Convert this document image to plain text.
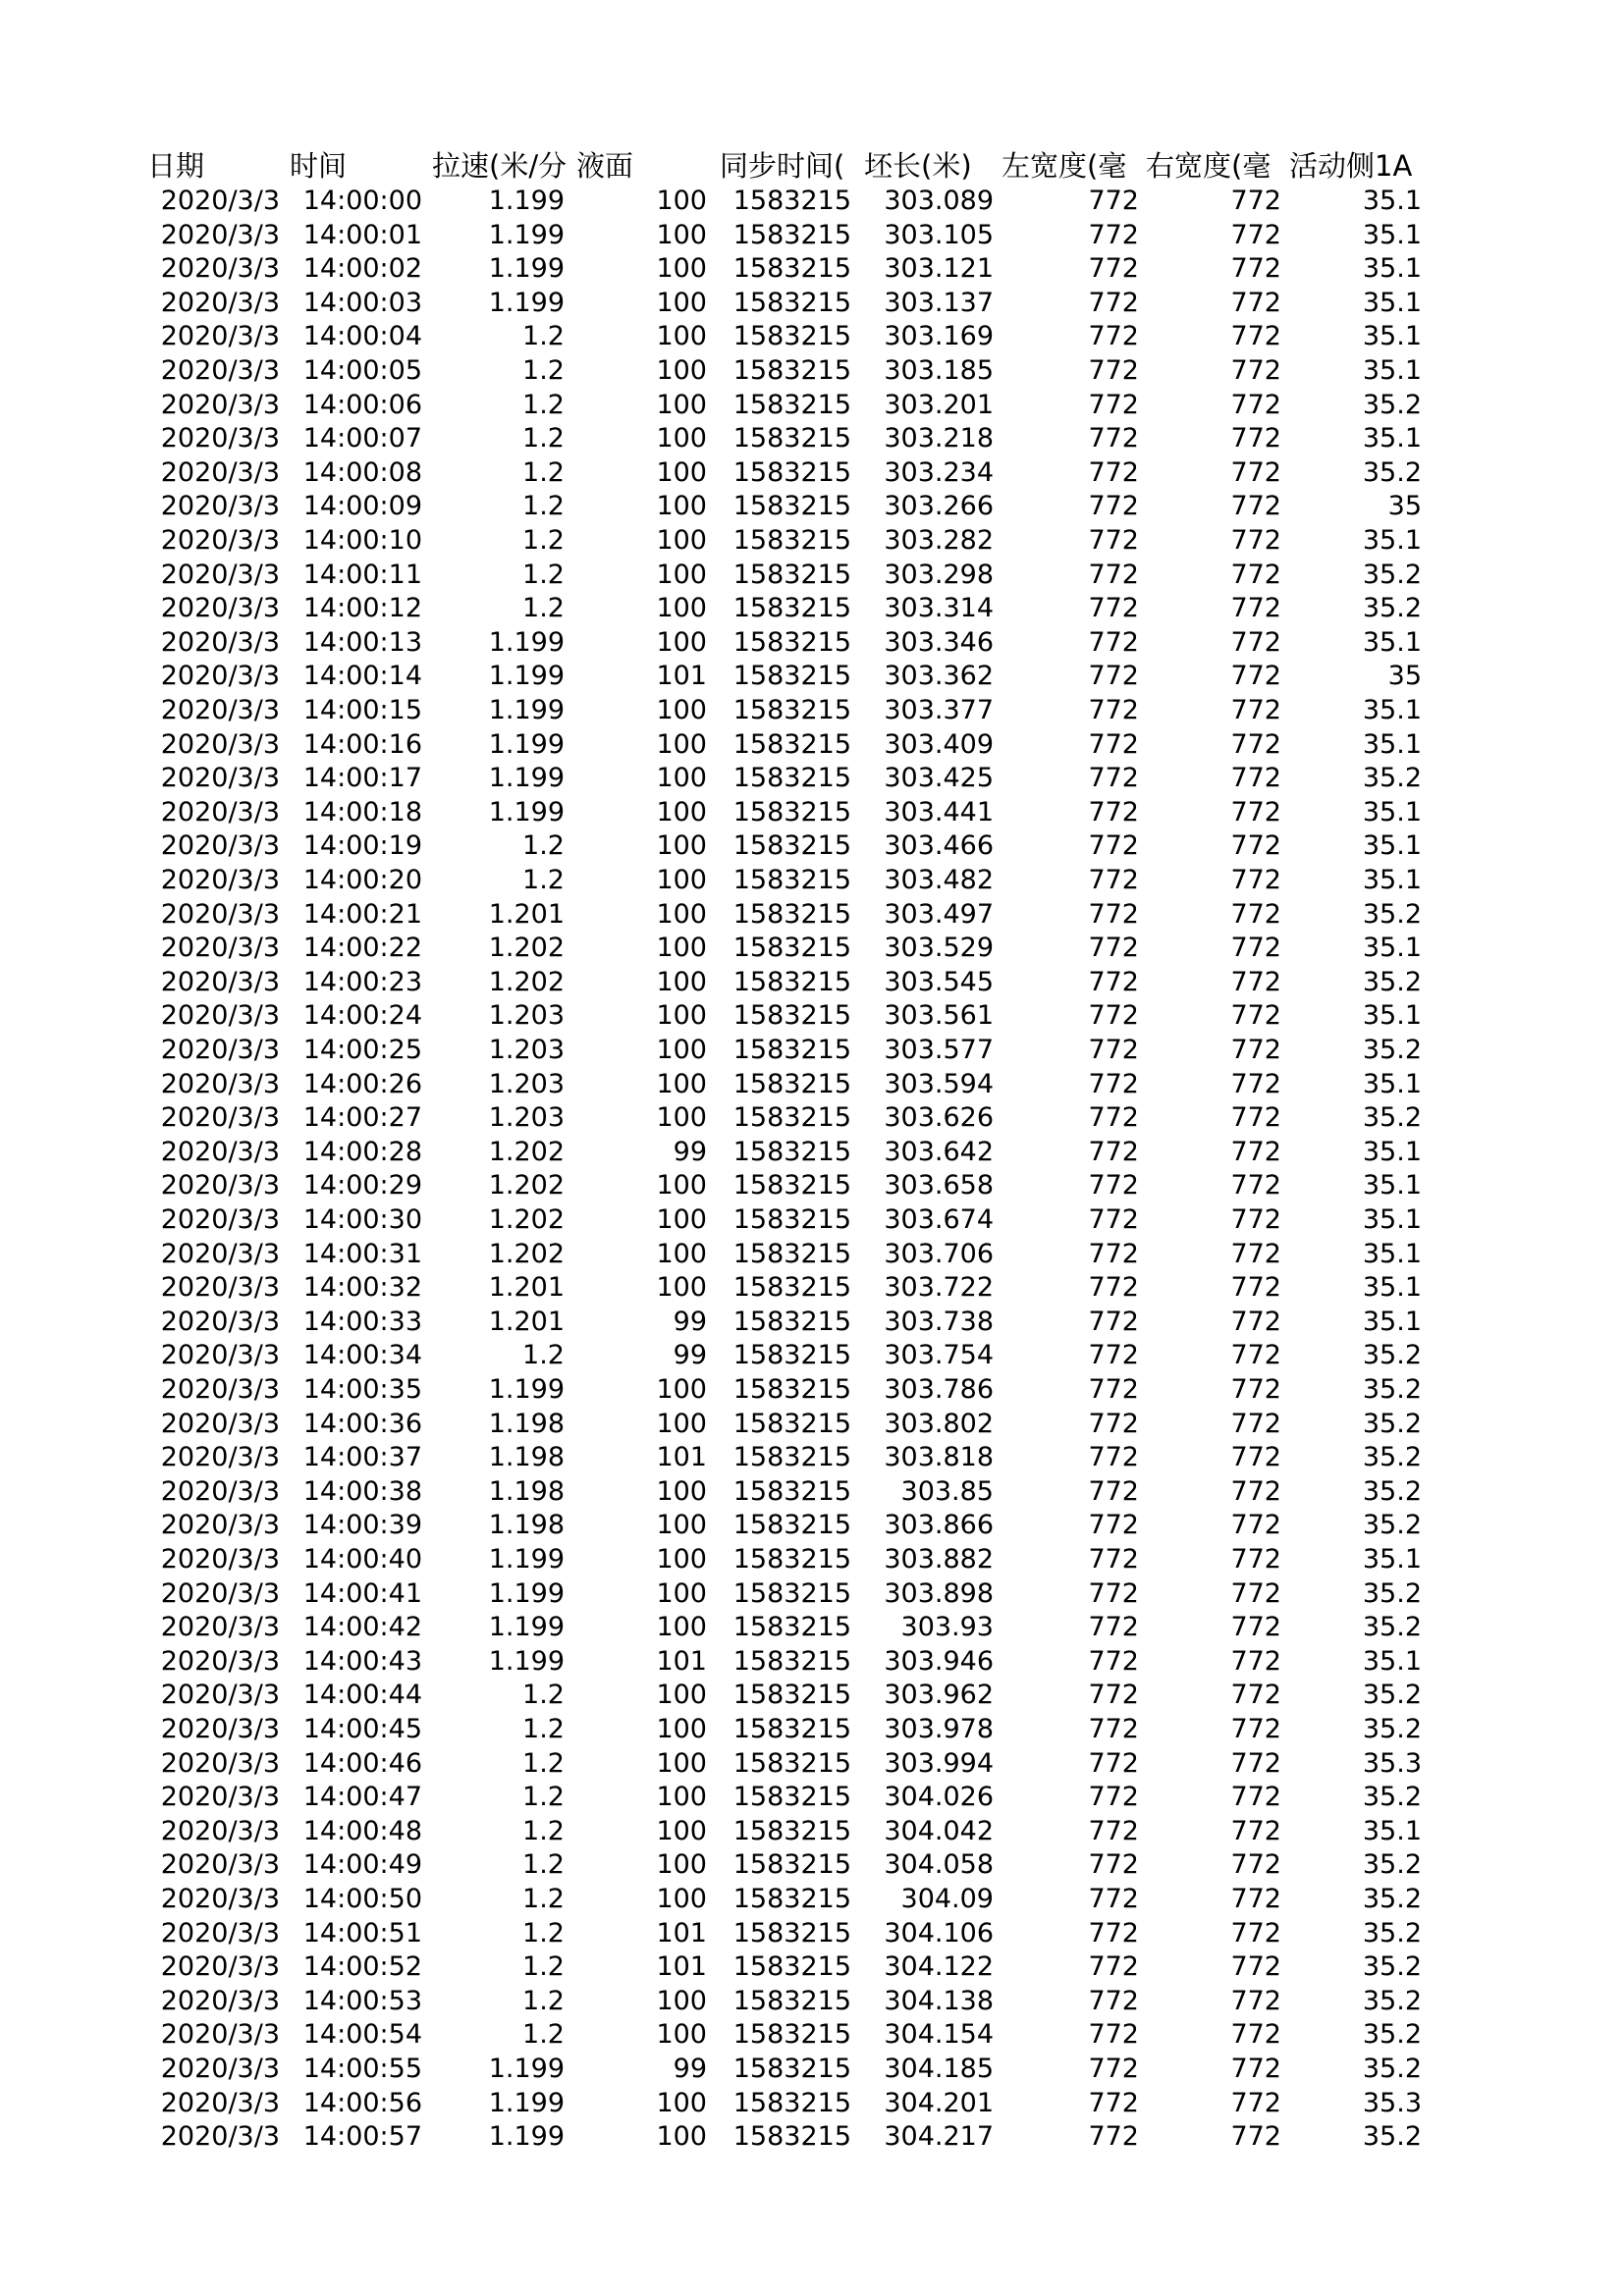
日期	时间	拉速(米/分 液面	同步时间( 坯长(米)	左宽度(毫 右宽度(毫 活动侧1A
2020/3/3 14:00:00	1.199	100 1583215	303.089	772	772	35.1
2020/3/3 14:00:01	1.199	100 1583215	303.105	772	772	35.1
2020/3/3 14:00:02	1.199	100 1583215	303.121	772	772	35.1
2020/3/3 14:00:03	1.199	100 1583215	303.137	772	772	35.1
2020/3/3 14:00:04	1.2	100 1583215	303.169	772	772	35.1
2020/3/3 14:00:05	1.2	100 1583215	303.185	772	772	35.1
2020/3/3 14:00:06	1.2	100 1583215	303.201	772	772	35.2
2020/3/3 14:00:07	1.2	100 1583215	303.218	772	772	35.1
2020/3/3 14:00:08	1.2	100 1583215	303.234	772	772	35.2
2020/3/3 14:00:09	1.2	100 1583215	303.266	772	772	35
2020/3/3 14:00:10	1.2	100 1583215	303.282	772	772	35.1
2020/3/3 14:00:11	1.2	100 1583215	303.298	772	772	35.2
2020/3/3 14:00:12	1.2	100 1583215	303.314	772	772	35.2
2020/3/3 14:00:13	1.199	100 1583215	303.346	772	772	35.1
2020/3/3 14:00:14	1.199	101 1583215	303.362	772	772	35
2020/3/3 14:00:15	1.199	100 1583215	303.377	772	772	35.1
2020/3/3 14:00:16	1.199	100 1583215	303.409	772	772	35.1
2020/3/3 14:00:17	1.199	100 1583215	303.425	772	772	35.2
2020/3/3 14:00:18	1.199	100 1583215	303.441	772	772	35.1
2020/3/3 14:00:19	1.2	100 1583215	303.466	772	772	35.1
2020/3/3 14:00:20	1.2	100 1583215	303.482	772	772	35.1
2020/3/3 14:00:21	1.201	100 1583215	303.497	772	772	35.2
2020/3/3 14:00:22	1.202	100 1583215	303.529	772	772	35.1
2020/3/3 14:00:23	1.202	100 1583215	303.545	772	772	35.2
2020/3/3 14:00:24	1.203	100 1583215	303.561	772	772	35.1
2020/3/3 14:00:25	1.203	100 1583215	303.577	772	772	35.2
2020/3/3 14:00:26	1.203	100 1583215	303.594	772	772	35.1
2020/3/3 14:00:27	1.203	100 1583215	303.626	772	772	35.2
2020/3/3 14:00:28	1.202	99 1583215	303.642	772	772	35.1
2020/3/3 14:00:29	1.202	100 1583215	303.658	772	772	35.1
2020/3/3 14:00:30	1.202	100 1583215	303.674	772	772	35.1
2020/3/3 14:00:31	1.202	100 1583215	303.706	772	772	35.1
2020/3/3 14:00:32	1.201	100 1583215	303.722	772	772	35.1
2020/3/3 14:00:33	1.201	99 1583215	303.738	772	772	35.1
2020/3/3 14:00:34	1.2	99 1583215	303.754	772	772	35.2
2020/3/3 14:00:35	1.199	100 1583215	303.786	772	772	35.2
2020/3/3 14:00:36	1.198	100 1583215	303.802	772	772	35.2
2020/3/3 14:00:37	1.198	101 1583215	303.818	772	772	35.2
2020/3/3 14:00:38	1.198	100 1583215	303.85	772	772	35.2
2020/3/3 14:00:39	1.198	100 1583215	303.866	772	772	35.2
2020/3/3 14:00:40	1.199	100 1583215	303.882	772	772	35.1
2020/3/3 14:00:41	1.199	100 1583215	303.898	772	772	35.2
2020/3/3 14:00:42	1.199	100 1583215	303.93	772	772	35.2
2020/3/3 14:00:43	1.199	101 1583215	303.946	772	772	35.1
2020/3/3 14:00:44	1.2	100 1583215	303.962	772	772	35.2
2020/3/3 14:00:45	1.2	100 1583215	303.978	772	772	35.2
2020/3/3 14:00:46	1.2	100 1583215	303.994	772	772	35.3
2020/3/3 14:00:47	1.2	100 1583215	304.026	772	772	35.2
2020/3/3 14:00:48	1.2	100 1583215	304.042	772	772	35.1
2020/3/3 14:00:49	1.2	100 1583215	304.058	772	772	35.2
2020/3/3 14:00:50	1.2	100 1583215	304.09	772	772	35.2
2020/3/3 14:00:51	1.2	101 1583215	304.106	772	772	35.2
2020/3/3 14:00:52	1.2	101 1583215	304.122	772	772	35.2
2020/3/3 14:00:53	1.2	100 1583215	304.138	772	772	35.2
2020/3/3 14:00:54	1.2	100 1583215	304.154	772	772	35.2
2020/3/3 14:00:55	1.199	99 1583215	304.185	772	772	35.2
2020/3/3 14:00:56	1.199	100 1583215	304.201	772	772	35.3
2020/3/3 14:00:57	1.199	100 1583215	304.217	772	772	35.2
